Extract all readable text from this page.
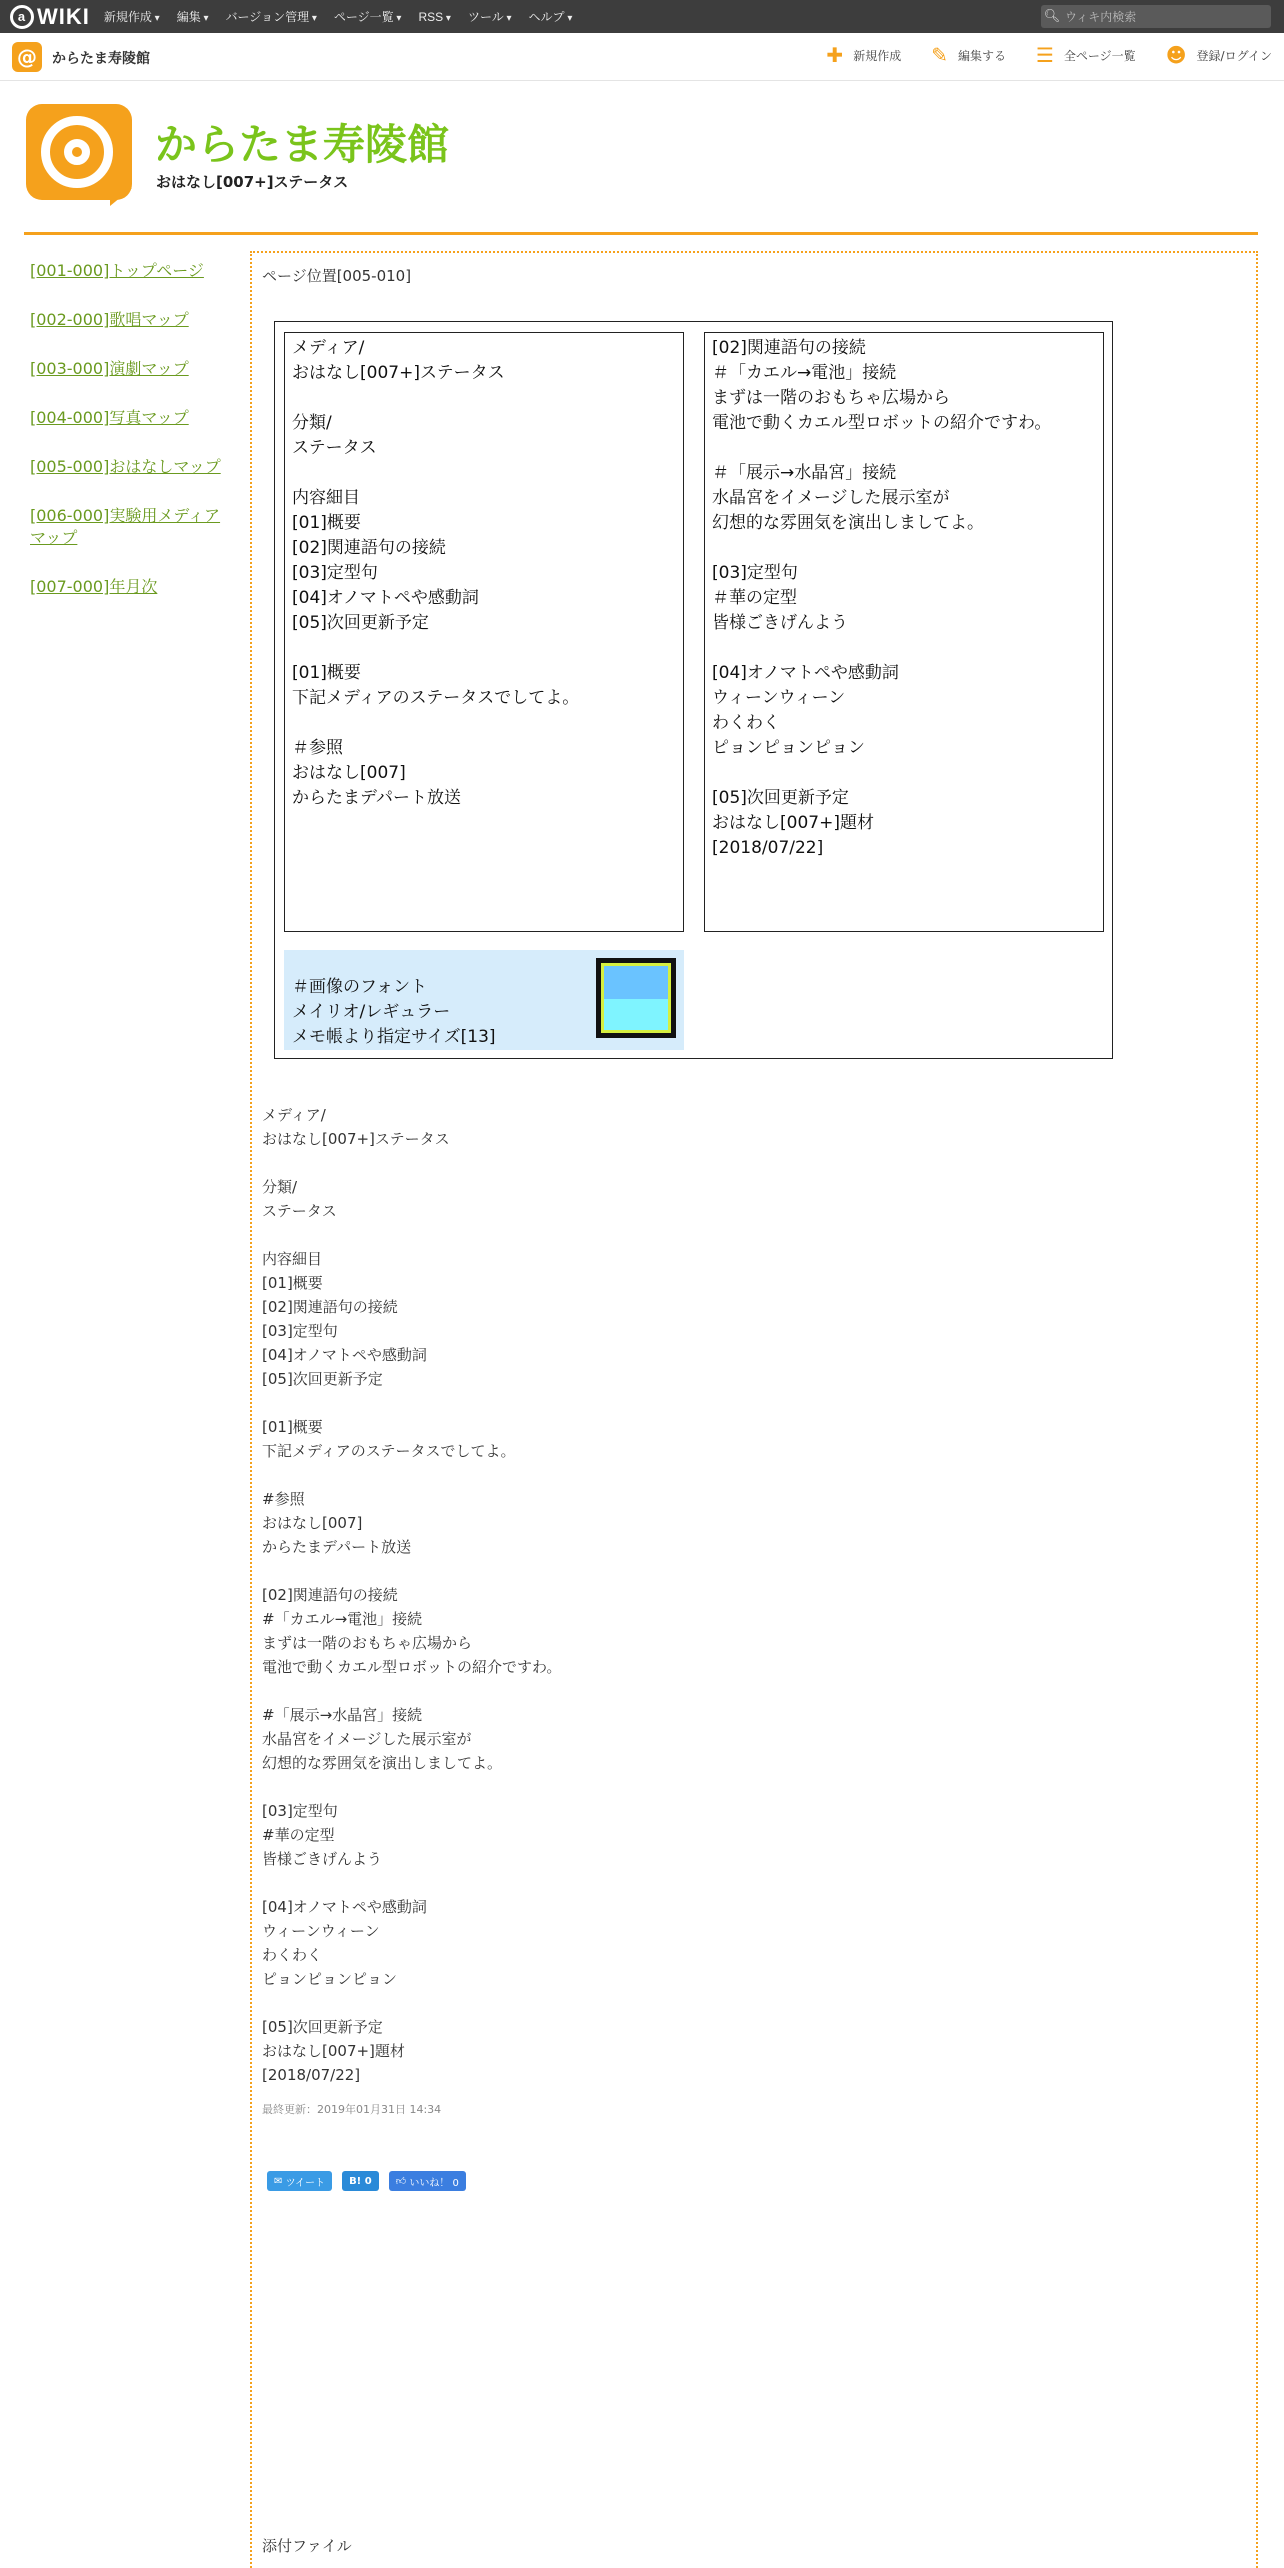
a WIKI 新規作成 ▾	編集 ▾	バージョン管理 ▾	ページ一覧 ▾	RSS ▾	ツール ▾	ヘルプ ▾	🔍︎
ウィキ内検索
@	からたま寿陵館	✚ 新規作成 ✎ 編集する ☰ 全ページ一覧 ☻ 登録/ログイン
からたま寿陵館
おはなし[007+]ステータス
[001-000]トップページ
[002-000]歌唱マップ
[003-000]演劇マップ
[004-000]写真マップ
[005-000]おはなしマップ
[006-000]実験用メディアマップ
[007-000]年月次
ページ位置[005-010]
メディア/
おはなし[007+]ステータス

分類/
ステータス

内容細目
[01]概要
[02]関連語句の接続
[03]定型句
[04]オノマトペや感動詞
[05]次回更新予定

[01]概要
下記メディアのステータスでしてよ。

＃参照
おはなし[007]
からたまデパート放送
[02]関連語句の接続
＃「カエル→電池」接続
まずは一階のおもちゃ広場から
電池で動くカエル型ロボットの紹介ですわ。

＃「展示→水晶宮」接続
水晶宮をイメージした展示室が
幻想的な雰囲気を演出しましてよ。

[03]定型句
＃華の定型
皆様ごきげんよう

[04]オノマトペや感動詞
ウィーンウィーン
わくわく
ピョンピョンピョン

[05]次回更新予定
おはなし[007+]題材
[2018/07/22]

＃画像のフォント
メイリオ/レギュラー
メモ帳より指定サイズ[13]

メディア/
おはなし[007+]ステータス

分類/
ステータス

内容細目
[01]概要
[02]関連語句の接続
[03]定型句
[04]オノマトペや感動詞
[05]次回更新予定

[01]概要
下記メディアのステータスでしてよ。

#参照
おはなし[007]
からたまデパート放送

[02]関連語句の接続
#「カエル→電池」接続
まずは一階のおもちゃ広場から
電池で動くカエル型ロボットの紹介ですわ。

#「展示→水晶宮」接続
水晶宮をイメージした展示室が
幻想的な雰囲気を演出しましてよ。

[03]定型句
#華の定型
皆様ごきげんよう

[04]オノマトペや感動詞
ウィーンウィーン
わくわく
ピョンピョンピョン

[05]次回更新予定
おはなし[007+]題材
[2018/07/22]
最終更新：2019年01月31日 14:34
✉ ツイート B! 0 👍︎ いいね！ 0
添付ファイル
